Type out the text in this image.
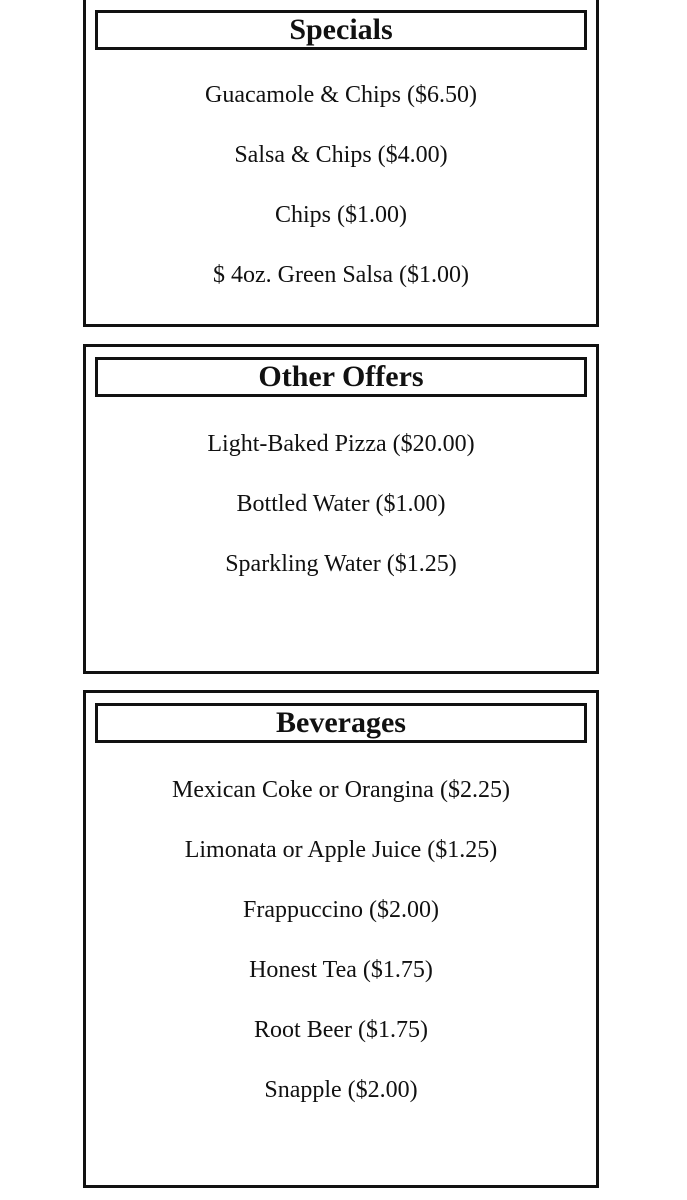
Specials
Guacamole & Chips ($6.50)
Salsa & Chips ($4.00)
Chips ($1.00)
$ 4oz. Green Salsa ($1.00)
Other Offers
Light-Baked Pizza ($20.00)
Bottled Water ($1.00)
Sparkling Water ($1.25)
Beverages
Mexican Coke or Orangina ($2.25)
Limonata or Apple Juice ($1.25)
Frappuccino ($2.00)
Honest Tea ($1.75)
Root Beer ($1.75)
Snapple ($2.00)
